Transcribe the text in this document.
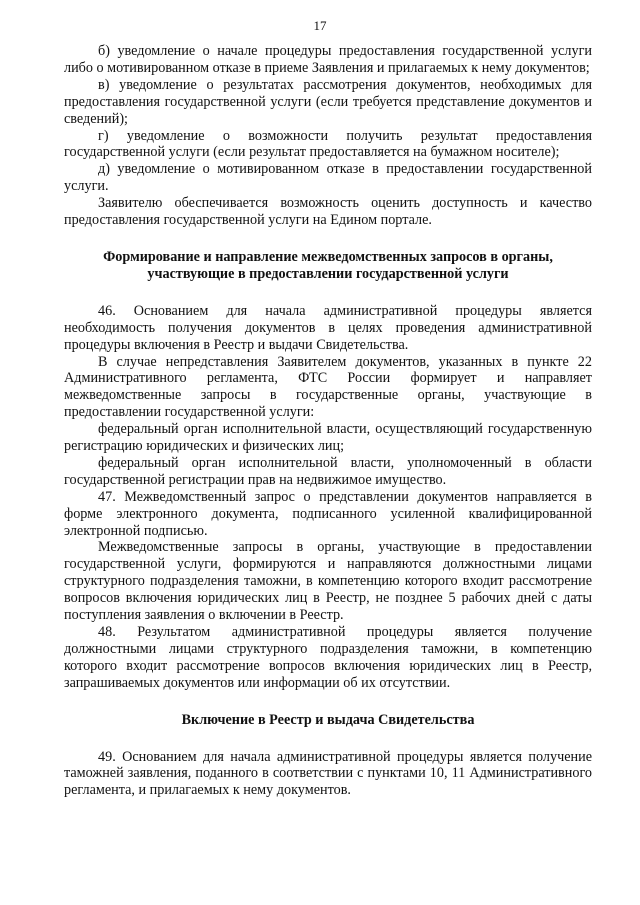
17

б) уведомление о начале процедуры предоставления государственной услуги либо о мотивированном отказе в приеме Заявления и прилагаемых к нему документов;

в) уведомление о результатах рассмотрения документов, необходимых для предоставления государственной услуги (если требуется представление документов и сведений);

г) уведомление о возможности получить результат предоставления государственной услуги (если результат предоставляется на бумажном носителе);

д) уведомление о мотивированном отказе в предоставлении государственной услуги.

Заявителю обеспечивается возможность оценить доступность и качество предоставления государственной услуги на Едином портале.

Формирование и направление межведомственных запросов в органы,
участвующие в предоставлении государственной услуги

46. Основанием для начала административной процедуры является необходимость получения документов в целях проведения административной процедуры включения в Реестр и выдачи Свидетельства.

В случае непредставления Заявителем документов, указанных в пункте 22 Административного регламента, ФТС России формирует и направляет межведомственные запросы в государственные органы, участвующие в предоставлении государственной услуги:

федеральный орган исполнительной власти, осуществляющий государственную регистрацию юридических и физических лиц;

федеральный орган исполнительной власти, уполномоченный в области государственной регистрации прав на недвижимое имущество.

47. Межведомственный запрос о представлении документов направляется в форме электронного документа, подписанного усиленной квалифицированной электронной подписью.

Межведомственные запросы в органы, участвующие в предоставлении государственной услуги, формируются и направляются должностными лицами структурного подразделения таможни, в компетенцию которого входит рассмотрение вопросов включения юридических лиц в Реестр, не позднее 5 рабочих дней с даты поступления заявления о включении в Реестр.

48. Результатом административной процедуры является получение должностными лицами структурного подразделения таможни, в компетенцию которого входит рассмотрение вопросов включения юридических лиц в Реестр, запрашиваемых документов или информации об их отсутствии.

Включение в Реестр и выдача Свидетельства

49. Основанием для начала административной процедуры является получение таможней заявления, поданного в соответствии с пунктами 10, 11 Административного регламента, и прилагаемых к нему документов.
